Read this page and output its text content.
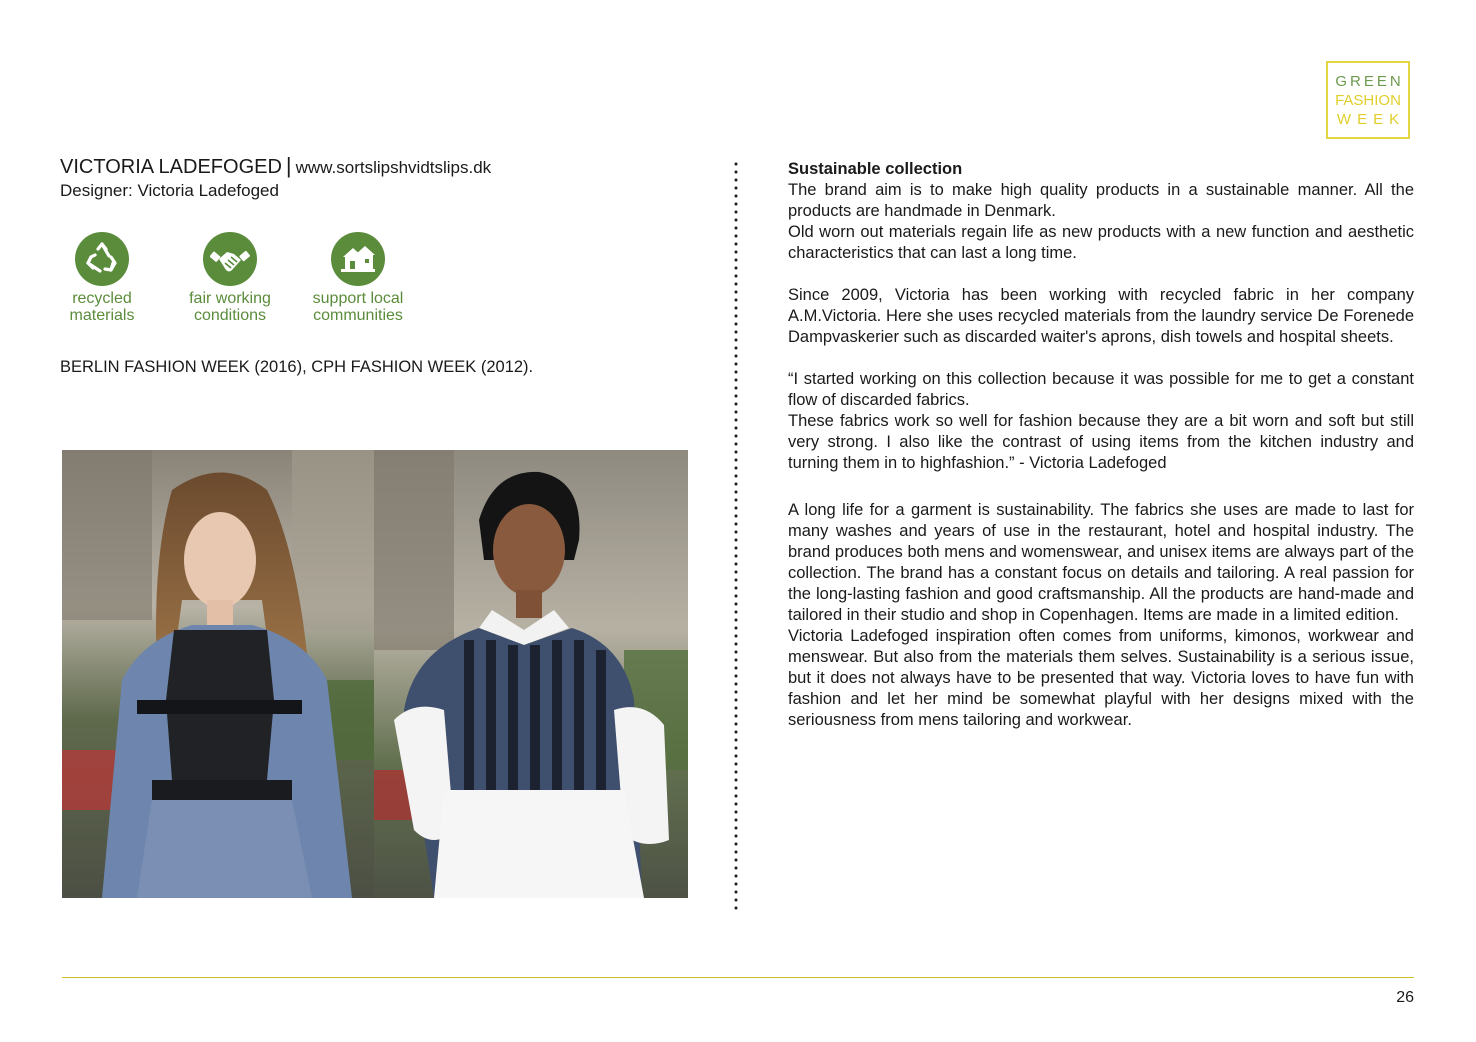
GREEN
FASHION
WEEK
VICTORIA LADEFOGED | www.sortslipshvidtslips.dk
Designer: Victoria Ladefoged
recycled
materials
fair working
conditions
support local
communities
BERLIN FASHION WEEK (2016), CPH FASHION WEEK (2012).
Sustainable collection

The brand aim is to make high quality products in a sustainable manner. All the products are handmade in Denmark.

Old worn out materials regain life as new products with a new function and aesthetic characteristics that can last a long time.

Since 2009, Victoria has been working with recycled fabric in her company A.M.Victoria. Here she uses recycled materials from the laundry service De Forenede Dampvaskerier such as discarded waiter's aprons, dish towels and hospital sheets.

“I started working on this collection because it was possible for me to get a constant flow of discarded fabrics.

These fabrics work so well for fashion because they are a bit worn and soft but still very strong. I also like the contrast of using items from the kitchen industry and turning them in to highfashion.” - Victoria Ladefoged

A long life for a garment is sustainability. The fabrics she uses are made to last for many washes and years of use in the restaurant, hotel and hospital industry. The brand produces both mens and womenswear, and unisex items are always part of the collection. The brand has a constant focus on details and tailoring. A real passion for the long-lasting fashion and good craftsmanship. All the products are hand-made and tailored in their studio and shop in Copenhagen. Items are made in a limited edition.

Victoria Ladefoged inspiration often comes from uniforms, kimonos, workwear and menswear. But also from the materials them selves. Sustainability is a serious issue, but it does not always have to be presented that way. Victoria loves to have fun with fashion and let her mind be somewhat playful with her designs mixed with the seriousness from mens tailoring and workwear.

26
